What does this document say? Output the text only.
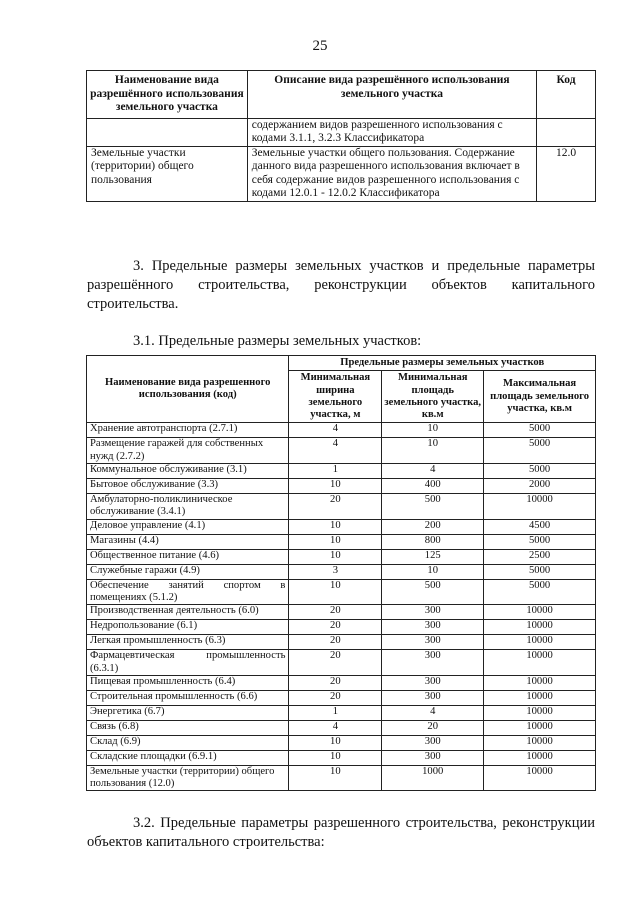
25
Наименование вида разрешённого использования земельного участка	Описание вида разрешённого использования земельного участка	Код
	содержанием видов разрешенного использования с кодами 3.1.1, 3.2.3 Классификатора	
Земельные участки (территории) общего пользования	Земельные участки общего пользования. Содержание данного вида разрешенного использования включает в себя содержание видов разрешенного использования с кодами 12.0.1 - 12.0.2 Классификатора	12.0
3. Предельные размеры земельных участков и предельные параметры разрешённого строительства, реконструкции объектов капитального строительства.
3.1. Предельные размеры земельных участков:
Наименование вида разрешенного использования (код)	Предельные размеры земельных участков		
	Минимальная ширина земельного участка, м	Минимальная площадь земельного участка, кв.м	Максимальная площадь земельного участка, кв.м
Хранение автотранспорта (2.7.1)	4	10	5000
Размещение гаражей для собственных нужд (2.7.2)	4	10	5000
Коммунальное обслуживание (3.1)	1	4	5000
Бытовое обслуживание (3.3)	10	400	2000
Амбулаторно-поликлиническое обслуживание (3.4.1)	20	500	10000
Деловое управление (4.1)	10	200	4500
Магазины (4.4)	10	800	5000
Общественное питание (4.6)	10	125	2500
Служебные гаражи (4.9)	3	10	5000
Обеспечение занятий спортом в помещениях (5.1.2)	10	500	5000
Производственная деятельность (6.0)	20	300	10000
Недропользование (6.1)	20	300	10000
Легкая промышленность (6.3)	20	300	10000
Фармацевтическая промышленность (6.3.1)	20	300	10000
Пищевая промышленность (6.4)	20	300	10000
Строительная промышленность (6.6)	20	300	10000
Энергетика (6.7)	1	4	10000
Связь (6.8)	4	20	10000
Склад (6.9)	10	300	10000
Складские площадки (6.9.1)	10	300	10000
Земельные участки (территории) общего пользования (12.0)	10	1000	10000
3.2. Предельные параметры разрешенного строительства, реконструкции объектов капитального строительства:
